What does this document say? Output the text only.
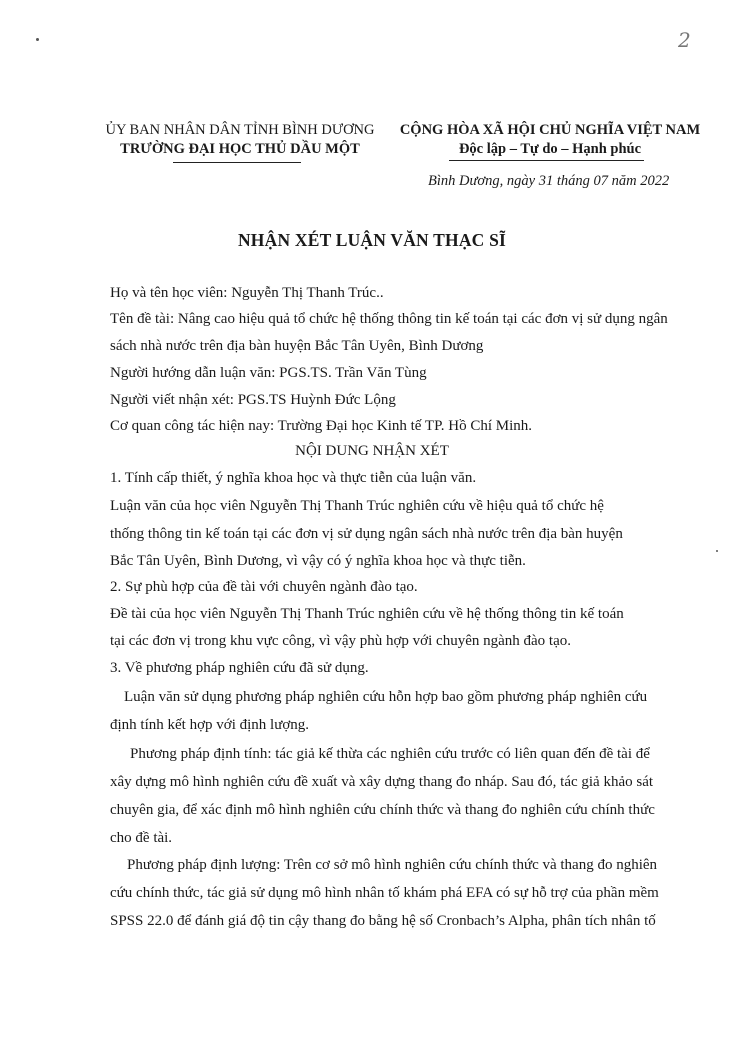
2
ỦY BAN NHÂN DÂN TỈNH BÌNH DƯƠNG
TRƯỜNG ĐẠI HỌC THỦ DẦU MỘT
CỘNG HÒA XÃ HỘI CHỦ NGHĨA VIỆT NAM
Độc lập – Tự do – Hạnh phúc
Bình Dương, ngày 31 tháng 07 năm 2022
NHẬN XÉT LUẬN VĂN THẠC SĨ
Họ và tên học viên: Nguyễn Thị Thanh Trúc..
Tên đề tài: Nâng cao hiệu quả tổ chức hệ thống thông tin kế toán tại các đơn vị sử dụng ngân
sách nhà nước trên địa bàn huyện Bắc Tân Uyên, Bình Dương
Người hướng dẫn luận văn: PGS.TS. Trần Văn Tùng
Người viết nhận xét: PGS.TS Huỳnh Đức Lộng
Cơ quan công tác hiện nay: Trường Đại học Kinh tế TP. Hồ Chí Minh.
NỘI DUNG NHẬN XÉT
1. Tính cấp thiết, ý nghĩa khoa học và thực tiễn của luận văn.
Luận văn của học viên Nguyễn Thị Thanh Trúc nghiên cứu về hiệu quả tổ chức hệ
thống thông tin kế toán tại các đơn vị sử dụng ngân sách nhà nước trên địa bàn huyện
Bắc Tân Uyên, Bình Dương, vì vậy có ý nghĩa khoa học và thực tiễn.
2. Sự phù hợp của đề tài với chuyên ngành đào tạo.
Đề tài của học viên Nguyễn Thị Thanh Trúc nghiên cứu về hệ thống thông tin kế toán
tại các đơn vị trong khu vực công, vì vậy phù hợp với chuyên ngành đào tạo.
3. Về phương pháp nghiên cứu đã sử dụng.
Luận văn sử dụng phương pháp nghiên cứu hỗn hợp bao gồm phương pháp nghiên cứu
định tính kết hợp với định lượng.
Phương pháp định tính: tác giả kế thừa các nghiên cứu trước có liên quan đến đề tài để
xây dựng mô hình nghiên cứu đề xuất và xây dựng thang đo nháp. Sau đó, tác giả khảo sát
chuyên gia, để xác định mô hình nghiên cứu chính thức và thang đo nghiên cứu chính thức
cho đề tài.
Phương pháp định lượng: Trên cơ sở mô hình nghiên cứu chính thức và thang đo nghiên
cứu chính thức, tác giả sử dụng mô hình nhân tố khám phá EFA có sự hỗ trợ của phần mềm
SPSS 22.0 để đánh giá độ tin cậy thang đo bằng hệ số Cronbach’s Alpha, phân tích nhân tố
